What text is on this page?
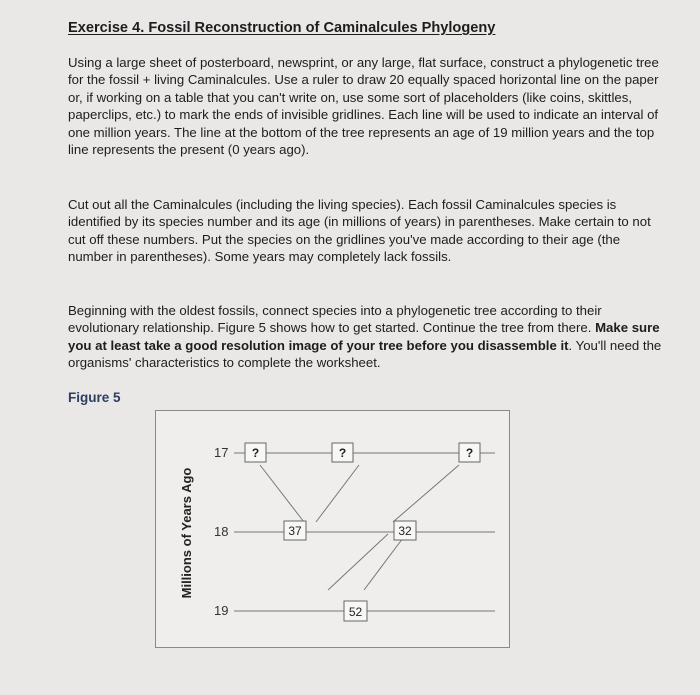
Exercise 4. Fossil Reconstruction of Caminalcules Phylogeny
Using a large sheet of posterboard, newsprint, or any large, flat surface, construct a phylogenetic tree for the fossil + living Caminalcules. Use a ruler to draw 20 equally spaced horizontal line on the paper or, if working on a table that you can't write on, use some sort of placeholders (like coins, skittles, paperclips, etc.) to mark the ends of invisible gridlines. Each line will be used to indicate an interval of one million years. The line at the bottom of the tree represents an age of 19 million years and the top line represents the present (0 years ago).
Cut out all the Caminalcules (including the living species). Each fossil Caminalcules species is identified by its species number and its age (in millions of years) in parentheses. Make certain to not cut off these numbers. Put the species on the gridlines you've made according to their age (the number in parentheses). Some years may completely lack fossils.
Beginning with the oldest fossils, connect species into a phylogenetic tree according to their evolutionary relationship. Figure 5 shows how to get started. Continue the tree from there. Make sure you at least take a good resolution image of your tree before you disassemble it. You'll need the organisms' characteristics to complete the worksheet.
Figure 5
Millions of Years Ago
17
18
19
?	?	?
37	32
52
